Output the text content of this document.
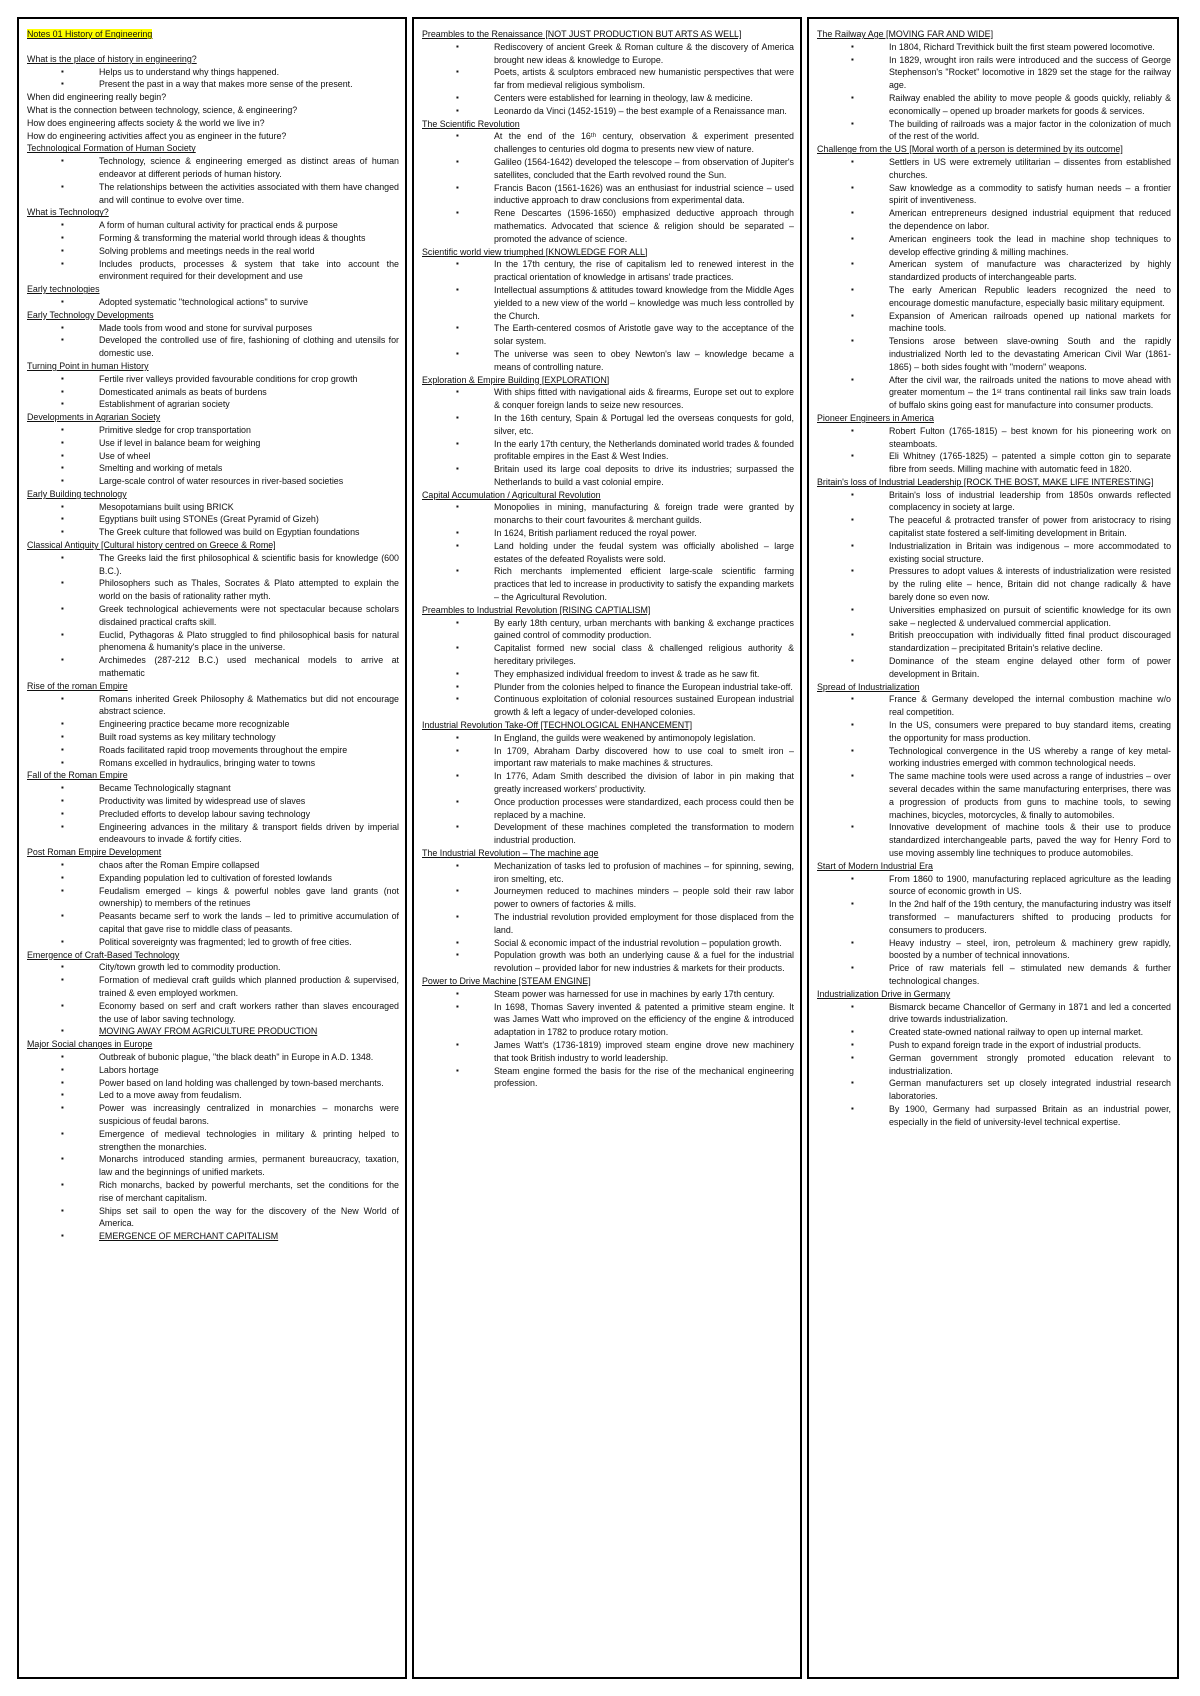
Notes 01 History of Engineering
What is the place of history in engineering?
▪ Helps us to understand why things happened.
▪ Present the past in a way that makes more sense of the present.
When did engineering really begin?
What is the connection between technology, science, & engineering?
How does engineering affects society & the world we live in?
How do engineering activities affect you as engineer in the future?
Technological Formation of Human Society
▪ Technology, science & engineering emerged as distinct areas of human endeavor at different periods of human history.
▪ The relationships between the activities associated with them have changed and will continue to evolve over time.
What is Technology?
▪ A form of human cultural activity for practical ends & purpose
▪ Forming & transforming the material world through ideas & thoughts
▪ Solving problems and meetings needs in the real world
▪ Includes products, processes & system that take into account the environment required for their development and use
Early technologies
▪ Adopted systematic "technological actions" to survive
Early Technology Developments
▪ Made tools from wood and stone for survival purposes
▪ Developed the controlled use of fire, fashioning of clothing and utensils for domestic use.
Turning Point in human History
▪ Fertile river valleys provided favourable conditions for crop growth
▪ Domesticated animals as beats of burdens
▪ Establishment of agrarian society
Developments in Agrarian Society
▪ Primitive sledge for crop transportation
▪ Use if level in balance beam for weighing
▪ Use of wheel
▪ Smelting and working of metals
▪ Large-scale control of water resources in river-based societies
Early Building technology
▪ Mesopotamians built using BRICK
▪ Egyptians built using STONEs (Great Pyramid of Gizeh)
▪ The Greek culture that followed was build on Egyptian foundations
Classical Antiquity [Cultural history centred on Greece & Rome]
▪ The Greeks laid the first philosophical & scientific basis for knowledge (600 B.C.).
▪ Philosophers such as Thales, Socrates & Plato attempted to explain the world on the basis of rationality rather myth.
▪ Greek technological achievements were not spectacular because scholars disdained practical crafts skill.
▪ Euclid, Pythagoras & Plato struggled to find philosophical basis for natural phenomena & humanity's place in the universe.
▪ Archimedes (287-212 B.C.) used mechanical models to arrive at mathematic
Rise of the roman Empire
▪ Romans inherited Greek Philosophy & Mathematics but did not encourage abstract science.
▪ Engineering practice became more recognizable
▪ Built road systems as key military technology
▪ Roads facilitated rapid troop movements throughout the empire
▪ Romans excelled in hydraulics, bringing water to towns
Fall of the Roman Empire
▪ Became Technologically stagnant
▪ Productivity was limited by widespread use of slaves
▪ Precluded efforts to develop labour saving technology
▪ Engineering advances in the military & transport fields driven by imperial endeavours to invade & fortify cities.
Post Roman Empire Development
▪ chaos after the Roman Empire collapsed
▪ Expanding population led to cultivation of forested lowlands
▪ Feudalism emerged – kings & powerful nobles gave land grants (not ownership) to members of the retinues
▪ Peasants became serf to work the lands – led to primitive accumulation of capital that gave rise to middle class of peasants.
▪ Political sovereignty was fragmented; led to growth of free cities.
Emergence of Craft-Based Technology
▪ City/town growth led to commodity production.
▪ Formation of medieval craft guilds which planned production & supervised, trained & even employed workmen.
▪ Economy based on serf and craft workers rather than slaves encouraged the use of labor saving technology.
▪ MOVING AWAY FROM AGRICULTURE PRODUCTION
Major Social changes in Europe
▪ Outbreak of bubonic plague, "the black death" in Europe in A.D. 1348.
▪ Labors hortage
▪ Power based on land holding was challenged by town-based merchants.
▪ Led to a move away from feudalism.
▪ Power was increasingly centralized in monarchies – monarchs were suspicious of feudal barons.
▪ Emergence of medieval technologies in military & printing helped to strengthen the monarchies.
▪ Monarchs introduced standing armies, permanent bureaucracy, taxation, law and the beginnings of unified markets.
▪ Rich monarchs, backed by powerful merchants, set the conditions for the rise of merchant capitalism.
▪ Ships set sail to open the way for the discovery of the New World of America.
▪ EMERGENCE OF MERCHANT CAPITALISM
Preambles to the Renaissance [NOT JUST PRODUCTION BUT ARTS AS WELL]
▪ Rediscovery of ancient Greek & Roman culture & the discovery of America brought new ideas & knowledge to Europe.
▪ Poets, artists & sculptors embraced new humanistic perspectives that were far from medieval religious symbolism.
▪ Centers were established for learning in theology, law & medicine.
▪ Leonardo da Vinci (1452-1519) – the best example of a Renaissance man.
The Scientific Revolution
▪ At the end of the 16ᵗʰ century, observation & experiment presented challenges to centuries old dogma to presents new view of nature.
▪ Galileo (1564-1642) developed the telescope – from observation of Jupiter's satellites, concluded that the Earth revolved round the Sun.
▪ Francis Bacon (1561-1626) was an enthusiast for industrial science – used inductive approach to draw conclusions from experimental data.
▪ Rene Descartes (1596-1650) emphasized deductive approach through mathematics. Advocated that science & religion should be separated – promoted the advance of science.
Scientific world view triumphed [KNOWLEDGE FOR ALL]
▪ In the 17th century, the rise of capitalism led to renewed interest in the practical orientation of knowledge in artisans' trade practices.
▪ Intellectual assumptions & attitudes toward knowledge from the Middle Ages yielded to a new view of the world – knowledge was much less controlled by the Church.
▪ The Earth-centered cosmos of Aristotle gave way to the acceptance of the solar system.
▪ The universe was seen to obey Newton's law – knowledge became a means of controlling nature.
Exploration & Empire Building [EXPLORATION]
▪ With ships fitted with navigational aids & firearms, Europe set out to explore & conquer foreign lands to seize new resources.
▪ In the 16th century, Spain & Portugal led the overseas conquests for gold, silver, etc.
▪ In the early 17th century, the Netherlands dominated world trades & founded profitable empires in the East & West Indies.
▪ Britain used its large coal deposits to drive its industries; surpassed the Netherlands to build a vast colonial empire.
Capital Accumulation / Agricultural Revolution
▪ Monopolies in mining, manufacturing & foreign trade were granted by monarchs to their court favourites & merchant guilds.
▪ In 1624, British parliament reduced the royal power.
▪ Land holding under the feudal system was officially abolished – large estates of the defeated Royalists were sold.
▪ Rich merchants implemented efficient large-scale scientific farming practices that led to increase in productivity to satisfy the expanding markets – the Agricultural Revolution.
Preambles to Industrial Revolution [RISING CAPTIALISM]
▪ By early 18th century, urban merchants with banking & exchange practices gained control of commodity production.
▪ Capitalist formed new social class & challenged religious authority & hereditary privileges.
▪ They emphasized individual freedom to invest & trade as he saw fit.
▪ Plunder from the colonies helped to finance the European industrial take-off.
▪ Continuous exploitation of colonial resources sustained European industrial growth & left a legacy of under-developed colonies.
Industrial Revolution Take-Off [TECHNOLOGICAL ENHANCEMENT]
▪ In England, the guilds were weakened by antimonopoly legislation.
▪ In 1709, Abraham Darby discovered how to use coal to smelt iron – important raw materials to make machines & structures.
▪ In 1776, Adam Smith described the division of labor in pin making that greatly increased workers' productivity.
▪ Once production processes were standardized, each process could then be replaced by a machine.
▪ Development of these machines completed the transformation to modern industrial production.
The Industrial Revolution – The machine age
▪ Mechanization of tasks led to profusion of machines – for spinning, sewing, iron smelting, etc.
▪ Journeymen reduced to machines minders – people sold their raw labor power to owners of factories & mills.
▪ The industrial revolution provided employment for those displaced from the land.
▪ Social & economic impact of the industrial revolution – population growth.
▪ Population growth was both an underlying cause & a fuel for the industrial revolution – provided labor for new industries & markets for their products.
Power to Drive Machine [STEAM ENGINE]
▪ Steam power was harnessed for use in machines by early 17th century.
▪ In 1698, Thomas Savery invented & patented a primitive steam engine. It was James Watt who improved on the efficiency of the engine & introduced adaptation in 1782 to produce rotary motion.
▪ James Watt's (1736-1819) improved steam engine drove new machinery that took British industry to world leadership.
▪ Steam engine formed the basis for the rise of the mechanical engineering profession.
The Railway Age [MOVING FAR AND WIDE]
▪ In 1804, Richard Trevithick built the first steam powered locomotive.
▪ In 1829, wrought iron rails were introduced and the success of George Stephenson's "Rocket" locomotive in 1829 set the stage for the railway age.
▪ Railway enabled the ability to move people & goods quickly, reliably & economically – opened up broader markets for goods & services.
▪ The building of railroads was a major factor in the colonization of much of the rest of the world.
Challenge from the US [Moral worth of a person is determined by its outcome]
▪ Settlers in US were extremely utilitarian – dissentes from established churches.
▪ Saw knowledge as a commodity to satisfy human needs – a frontier spirit of inventiveness.
▪ American entrepreneurs designed industrial equipment that reduced the dependence on labor.
▪ American engineers took the lead in machine shop techniques to develop effective grinding & milling machines.
▪ American system of manufacture was characterized by highly standardized products of interchangeable parts.
▪ The early American Republic leaders recognized the need to encourage domestic manufacture, especially basic military equipment.
▪ Expansion of American railroads opened up national markets for machine tools.
▪ Tensions arose between slave-owning South and the rapidly industrialized North led to the devastating American Civil War (1861-1865) – both sides fought with "modern" weapons.
▪ After the civil war, the railroads united the nations to move ahead with greater momentum – the 1ˢᵗ trans continental rail links saw train loads of buffalo skins going east for manufacture into consumer products.
Pioneer Engineers in America
▪ Robert Fulton (1765-1815) – best known for his pioneering work on steamboats.
▪ Eli Whitney (1765-1825) – patented a simple cotton gin to separate fibre from seeds. Milling machine with automatic feed in 1820.
Britain's loss of Industrial Leadership [ROCK THE BOST, MAKE LIFE INTERESTING]
▪ Britain's loss of industrial leadership from 1850s onwards reflected complacency in society at large.
▪ The peaceful & protracted transfer of power from aristocracy to rising capitalist state fostered a self-limiting development in Britain.
▪ Industrialization in Britain was indigenous – more accommodated to existing social structure.
▪ Pressures to adopt values & interests of industrialization were resisted by the ruling elite – hence, Britain did not change radically & have barely done so even now.
▪ Universities emphasized on pursuit of scientific knowledge for its own sake – neglected & undervalued commercial application.
▪ British preoccupation with individually fitted final product discouraged standardization – precipitated Britain's relative decline.
▪ Dominance of the steam engine delayed other form of power development in Britain.
Spread of Industrialization
▪ France & Germany developed the internal combustion machine w/o real competition.
▪ In the US, consumers were prepared to buy standard items, creating the opportunity for mass production.
▪ Technological convergence in the US whereby a range of key metal-working industries emerged with common technological needs.
▪ The same machine tools were used across a range of industries – over several decades within the same manufacturing enterprises, there was a progression of products from guns to machine tools, to sewing machines, bicycles, motorcycles, & finally to automobiles.
▪ Innovative development of machine tools & their use to produce standardized interchangeable parts, paved the way for Henry Ford to use moving assembly line techniques to produce automobiles.
Start of Modern Industrial Era
▪ From 1860 to 1900, manufacturing replaced agriculture as the leading source of economic growth in US.
▪ In the 2nd half of the 19th century, the manufacturing industry was itself transformed – manufacturers shifted to producing products for consumers to producers.
▪ Heavy industry – steel, iron, petroleum & machinery grew rapidly, boosted by a number of technical innovations.
▪ Price of raw materials fell – stimulated new demands & further technological changes.
Industrialization Drive in Germany
▪ Bismarck became Chancellor of Germany in 1871 and led a concerted drive towards industrialization.
▪ Created state-owned national railway to open up internal market.
▪ Push to expand foreign trade in the export of industrial products.
▪ German government strongly promoted education relevant to industrialization.
▪ German manufacturers set up closely integrated industrial research laboratories.
▪ By 1900, Germany had surpassed Britain as an industrial power, especially in the field of university-level technical expertise.
